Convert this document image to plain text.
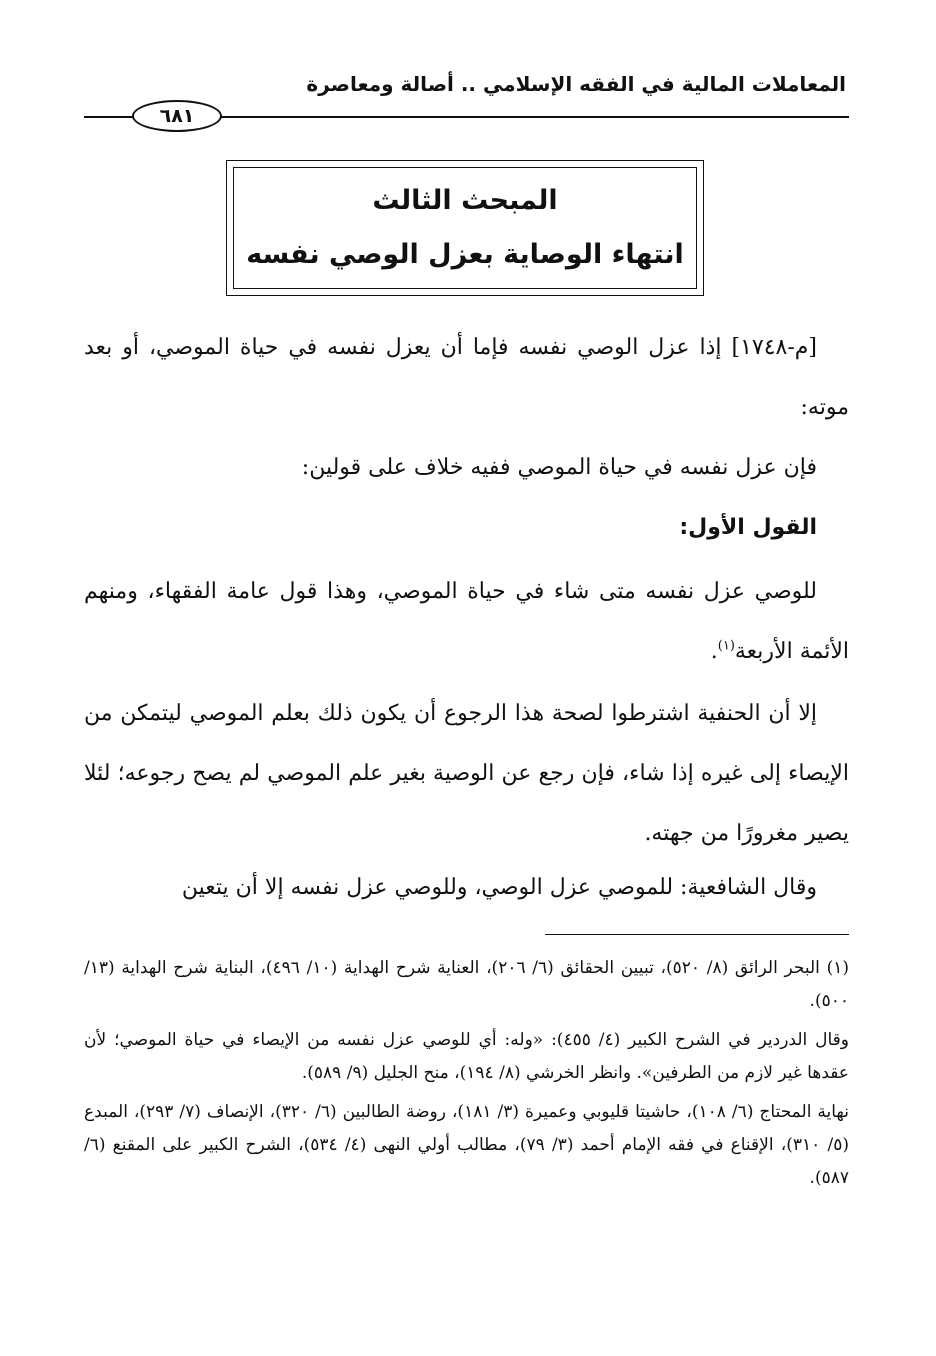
المعاملات المالية في الفقه الإسلامي .. أصالة ومعاصرة
٦٨١
المبحث الثالث
انتهاء الوصاية بعزل الوصي نفسه
[م-١٧٤٨] إذا عزل الوصي نفسه فإما أن يعزل نفسه في حياة الموصي، أو بعد موته:
فإن عزل نفسه في حياة الموصي ففيه خلاف على قولين:
القول الأول:
للوصي عزل نفسه متى شاء في حياة الموصي، وهذا قول عامة الفقهاء، ومنهم الأئمة الأربعة$^{(١)}$.
إلا أن الحنفية اشترطوا لصحة هذا الرجوع أن يكون ذلك بعلم الموصي ليتمكن من الإيصاء إلى غيره إذا شاء، فإن رجع عن الوصية بغير علم الموصي لم يصح رجوعه؛ لئلا يصير مغرورًا من جهته.
وقال الشافعية: للموصي عزل الوصي، وللوصي عزل نفسه إلا أن يتعين
(١) البحر الرائق (٨/ ٥٢٠)، تبيين الحقائق (٦/ ٢٠٦)، العناية شرح الهداية (١٠/ ٤٩٦)، البناية شرح الهداية (١٣/ ٥٠٠).
وقال الدردير في الشرح الكبير (٤/ ٤٥٥): «وله: أي للوصي عزل نفسه من الإيصاء في حياة الموصي؛ لأن عقدها غير لازم من الطرفين». وانظر الخرشي (٨/ ١٩٤)، منح الجليل (٩/ ٥٨٩).
نهاية المحتاج (٦/ ١٠٨)، حاشيتا قليوبي وعميرة (٣/ ١٨١)، روضة الطالبين (٦/ ٣٢٠)، الإنصاف (٧/ ٢٩٣)، المبدع (٥/ ٣١٠)، الإقناع في فقه الإمام أحمد (٣/ ٧٩)، مطالب أولي النهى (٤/ ٥٣٤)، الشرح الكبير على المقنع (٦/ ٥٨٧).
